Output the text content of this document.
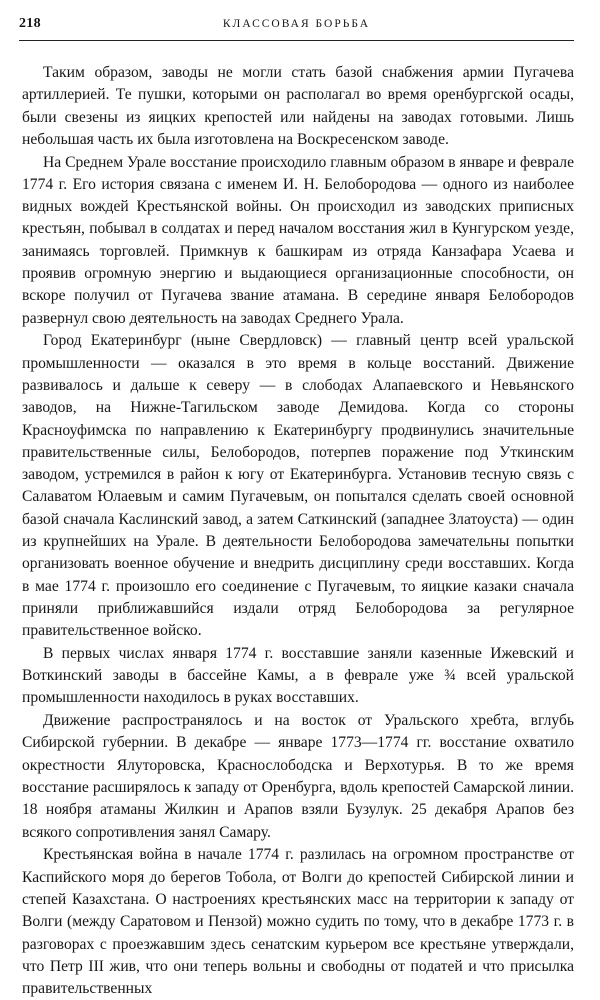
218	КЛАССОВАЯ БОРЬБА

Таким образом, заводы не могли стать базой снабжения армии Пугачева артиллерией. Те пушки, которыми он располагал во время оренбургской осады, были свезены из яицких крепостей или найдены на заводах готовыми. Лишь небольшая часть их была изготовлена на Воскресенском заводе.

На Среднем Урале восстание происходило главным образом в январе и феврале 1774 г. Его история связана с именем И. Н. Белобородова — одного из наиболее видных вождей Крестьянской войны. Он происходил из заводских приписных крестьян, побывал в солдатах и перед началом восстания жил в Кунгурском уезде, занимаясь торговлей. Примкнув к башкирам из отряда Канзафара Усаева и проявив огромную энергию и выдающиеся организационные способности, он вскоре получил от Пугачева звание атамана. В середине января Белобородов развернул свою деятельность на заводах Среднего Урала.

Город Екатеринбург (ныне Свердловск) — главный центр всей уральской промышленности — оказался в это время в кольце восстаний. Движение развивалось и дальше к северу — в слободах Алапаевского и Невьянского заводов, на Нижне-Тагильском заводе Демидова. Когда со стороны Красноуфимска по направлению к Екатеринбургу продвинулись значительные правительственные силы, Белобородов, потерпев поражение под Уткинским заводом, устремился в район к югу от Екатеринбурга. Установив тесную связь с Салаватом Юлаевым и самим Пугачевым, он попытался сделать своей основной базой сначала Каслинский завод, а затем Саткинский (западнее Златоуста) — один из крупнейших на Урале. В деятельности Белобородова замечательны попытки организовать военное обучение и внедрить дисциплину среди восставших. Когда в мае 1774 г. произошло его соединение с Пугачевым, то яицкие казаки сначала приняли приближавшийся издали отряд Белобородова за регулярное правительственное войско.

В первых числах января 1774 г. восставшие заняли казенные Ижевский и Воткинский заводы в бассейне Камы, а в феврале уже ¾ всей уральской промышленности находилось в руках восставших.

Движение распространялось и на восток от Уральского хребта, вглубь Сибирской губернии. В декабре — январе 1773—1774 гг. восстание охватило окрестности Ялуторовска, Краснослободска и Верхотурья. В то же время восстание расширялось к западу от Оренбурга, вдоль крепостей Самарской линии. 18 ноября атаманы Жилкин и Арапов взяли Бузулук. 25 декабря Арапов без всякого сопротивления занял Самару.

Крестьянская война в начале 1774 г. разлилась на огромном пространстве от Каспийского моря до берегов Тобола, от Волги до крепостей Сибирской линии и степей Казахстана. О настроениях крестьянских масс на территории к западу от Волги (между Саратовом и Пензой) можно судить по тому, что в декабре 1773 г. в разговорах с проезжавшим здесь сенатским курьером все крестьяне утверждали, что Петр III жив, что они теперь вольны и свободны от податей и что присылка правительственных
